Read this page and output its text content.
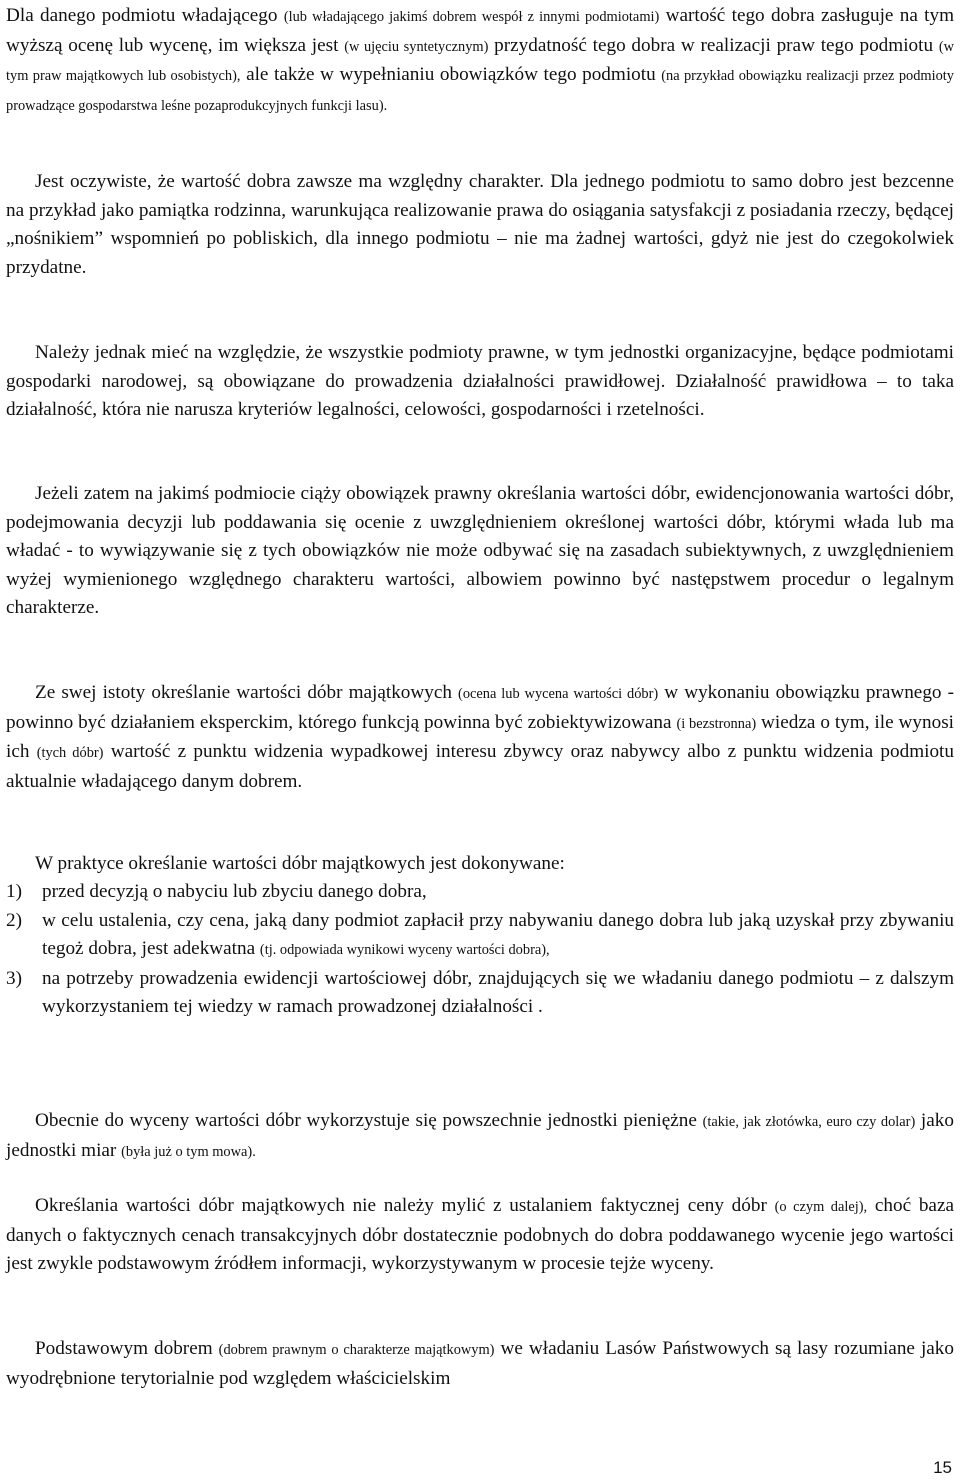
Dla danego podmiotu władającego (lub władającego jakimś dobrem wespół z innymi podmiotami) wartość tego dobra zasługuje na tym wyższą ocenę lub wycenę, im większa jest (w ujęciu syntetycznym) przydatność tego dobra w realizacji praw tego podmiotu (w tym praw majątkowych lub osobistych), ale także w wypełnianiu obowiązków tego podmiotu (na przykład obowiązku realizacji przez podmioty prowadzące gospodarstwa leśne pozaprodukcyjnych funkcji lasu).

Jest oczywiste, że wartość dobra zawsze ma względny charakter. Dla jednego podmiotu to samo dobro jest bezcenne na przykład jako pamiątka rodzinna, warunkująca realizowanie prawa do osiągania satysfakcji z posiadania rzeczy, będącej „nośnikiem” wspomnień po pobliskich, dla innego podmiotu – nie ma żadnej wartości, gdyż nie jest do czegokolwiek przydatne.

Należy jednak mieć na względzie, że wszystkie podmioty prawne, w tym jednostki organizacyjne, będące podmiotami gospodarki narodowej, są obowiązane do prowadzenia działalności prawidłowej. Działalność prawidłowa – to taka działalność, która nie narusza kryteriów legalności, celowości, gospodarności i rzetelności.

Jeżeli zatem na jakimś podmiocie ciąży obowiązek prawny określania wartości dóbr, ewidencjonowania wartości dóbr, podejmowania decyzji lub poddawania się ocenie z uwzględnieniem określonej wartości dóbr, którymi włada lub ma władać - to wywiązywanie się z tych obowiązków nie może odbywać się na zasadach subiektywnych, z uwzględnieniem wyżej wymienionego względnego charakteru wartości, albowiem powinno być następstwem procedur o legalnym charakterze.

Ze swej istoty określanie wartości dóbr majątkowych (ocena lub wycena wartości dóbr) w wykonaniu obowiązku prawnego - powinno być działaniem eksperckim, którego funkcją powinna być zobiektywizowana (i bezstronna) wiedza o tym, ile wynosi ich (tych dóbr) wartość z punktu widzenia wypadkowej interesu zbywcy oraz nabywcy albo z punktu widzenia podmiotu aktualnie władającego danym dobrem.

W praktyce określanie wartości dóbr majątkowych jest dokonywane:

1)	przed decyzją o nabyciu lub zbyciu danego dobra,

2)	w celu ustalenia, czy cena, jaką dany podmiot zapłacił przy nabywaniu danego dobra lub jaką uzyskał przy zbywaniu tegoż dobra, jest adekwatna (tj. odpowiada wynikowi wyceny wartości dobra),

3)	na potrzeby prowadzenia ewidencji wartościowej dóbr, znajdujących się we władaniu danego podmiotu – z dalszym wykorzystaniem tej wiedzy w ramach prowadzonej działalności .

Obecnie do wyceny wartości dóbr wykorzystuje się powszechnie jednostki pieniężne (takie, jak złotówka, euro czy dolar) jako jednostki miar (była już o tym mowa).

Określania wartości dóbr majątkowych nie należy mylić z ustalaniem faktycznej ceny dóbr (o czym dalej), choć baza danych o faktycznych cenach transakcyjnych dóbr dostatecznie podobnych do dobra poddawanego wycenie jego wartości jest zwykle podstawowym źródłem informacji, wykorzystywanym w procesie tejże wyceny.

Podstawowym dobrem (dobrem prawnym o charakterze majątkowym) we władaniu Lasów Państwowych są lasy rozumiane jako wyodrębnione terytorialnie pod względem właścicielskim

15
